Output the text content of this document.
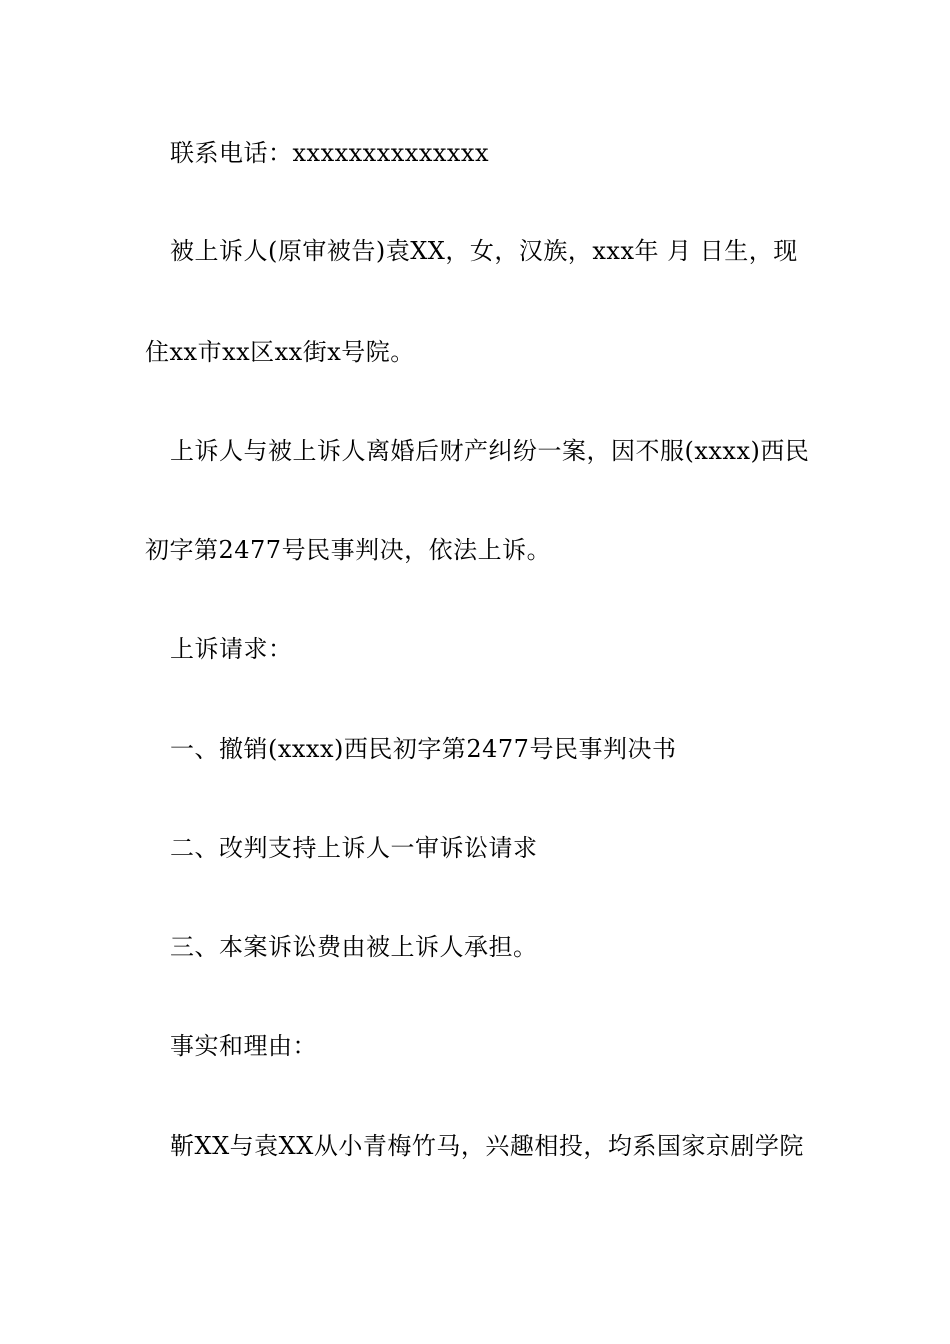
联系电话：xxxxxxxxxxxxxx
被上诉人(原审被告)袁XX，女，汉族，xxx年 月 日生，现
住xx市xx区xx街x号院。
上诉人与被上诉人离婚后财产纠纷一案，因不服(xxxx)西民
初字第2477号民事判决，依法上诉。
上诉请求：
一、撤销(xxxx)西民初字第2477号民事判决书
二、改判支持上诉人一审诉讼请求
三、本案诉讼费由被上诉人承担。
事实和理由：
靳XX与袁XX从小青梅竹马，兴趣相投，均系国家京剧学院
